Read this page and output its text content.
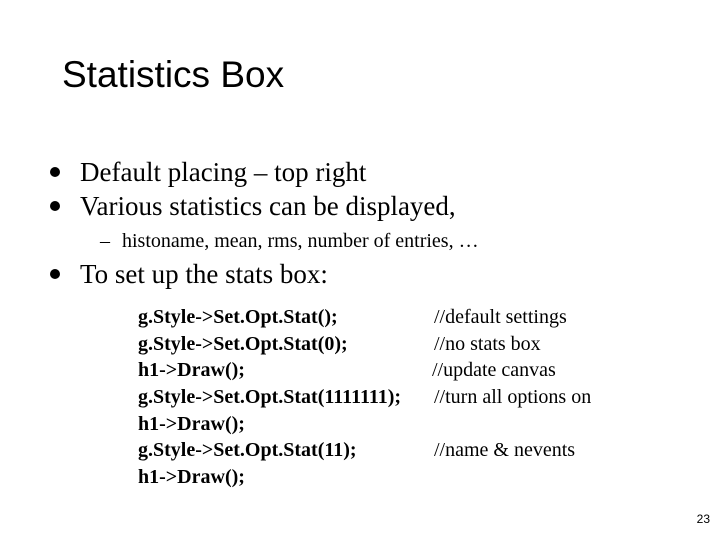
Statistics Box
Default placing – top right
Various statistics can be displayed,
– histoname, mean, rms, number of entries, …
To set up the stats box:
g.Style->Set.Opt.Stat();	//default settings
g.Style->Set.Opt.Stat(0);	//no stats box
h1->Draw();	//update canvas
g.Style->Set.Opt.Stat(1111111); //turn all options on
h1->Draw();
g.Style->Set.Opt.Stat(11);	//name & nevents
h1->Draw();
23
